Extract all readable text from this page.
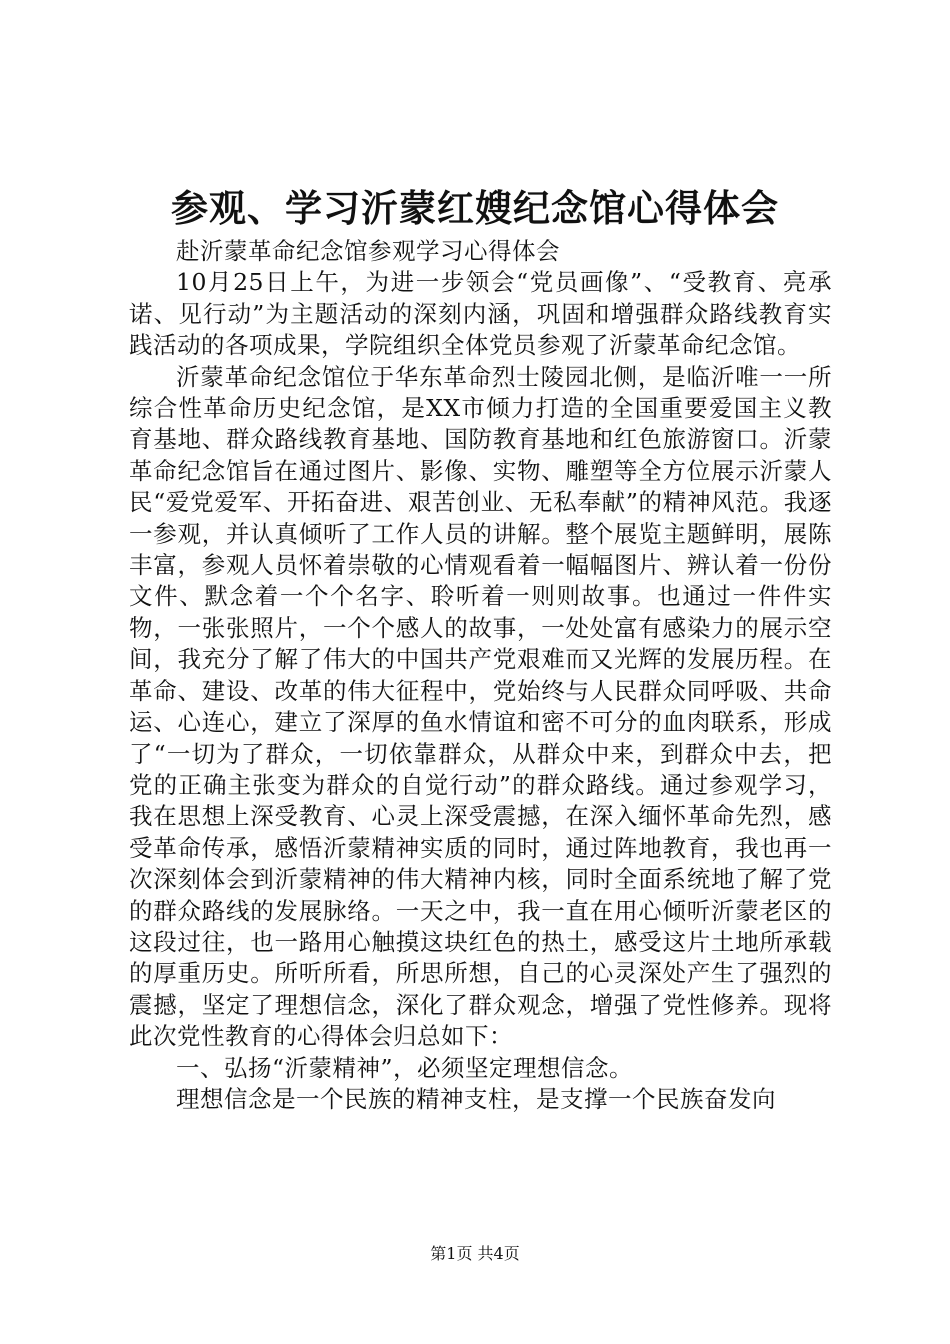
参观、学习沂蒙红嫂纪念馆心得体会

赴沂蒙革命纪念馆参观学习心得体会

10月25日上午，为进一步领会“党员画像”、“受教育、亮承诺、见行动”为主题活动的深刻内涵，巩固和增强群众路线教育实践活动的各项成果，学院组织全体党员参观了沂蒙革命纪念馆。

沂蒙革命纪念馆位于华东革命烈士陵园北侧，是临沂唯一一所综合性革命历史纪念馆，是XX市倾力打造的全国重要爱国主义教育基地、群众路线教育基地、国防教育基地和红色旅游窗口。沂蒙革命纪念馆旨在通过图片、影像、实物、雕塑等全方位展示沂蒙人民“爱党爱军、开拓奋进、艰苦创业、无私奉献”的精神风范。我逐一参观，并认真倾听了工作人员的讲解。整个展览主题鲜明，展陈丰富，参观人员怀着崇敬的心情观看着一幅幅图片、辨认着一份份文件、默念着一个个名字、聆听着一则则故事。也通过一件件实物，一张张照片，一个个感人的故事，一处处富有感染力的展示空间，我充分了解了伟大的中国共产党艰难而又光辉的发展历程。在革命、建设、改革的伟大征程中，党始终与人民群众同呼吸、共命运、心连心，建立了深厚的鱼水情谊和密不可分的血肉联系，形成了“一切为了群众，一切依靠群众，从群众中来，到群众中去，把党的正确主张变为群众的自觉行动”的群众路线。通过参观学习，我在思想上深受教育、心灵上深受震撼，在深入缅怀革命先烈，感受革命传承，感悟沂蒙精神实质的同时，通过阵地教育，我也再一次深刻体会到沂蒙精神的伟大精神内核，同时全面系统地了解了党的群众路线的发展脉络。一天之中，我一直在用心倾听沂蒙老区的这段过往，也一路用心触摸这块红色的热土，感受这片土地所承载的厚重历史。所听所看，所思所想，自己的心灵深处产生了强烈的震撼，坚定了理想信念，深化了群众观念，增强了党性修养。现将此次党性教育的心得体会归总如下：

一、弘扬“沂蒙精神”，必须坚定理想信念。

理想信念是一个民族的精神支柱，是支撑一个民族奋发向

第1页 共4页
